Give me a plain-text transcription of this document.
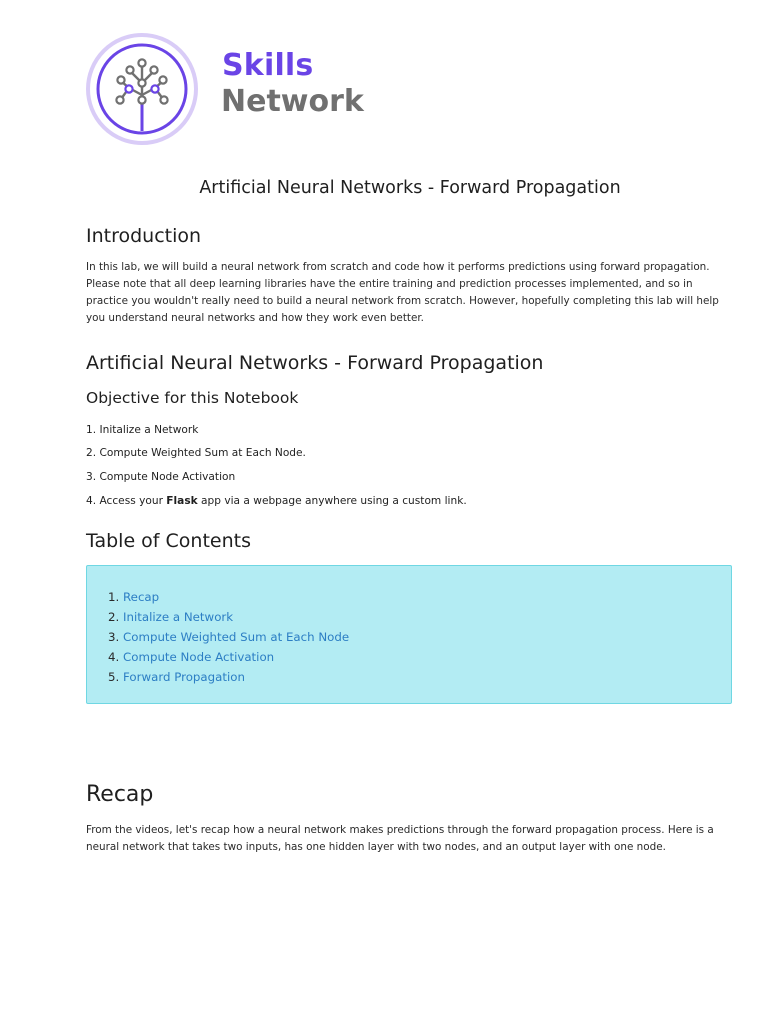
Skills
Network
Artificial Neural Networks - Forward Propagation
Introduction

In this lab, we will build a neural network from scratch and code how it performs predictions using forward propagation. Please note that all deep learning libraries have the entire training and prediction processes implemented, and so in practice you wouldn't really need to build a neural network from scratch. However, hopefully completing this lab will help you understand neural networks and how they work even better.

Artificial Neural Networks - Forward Propagation
Objective for this Notebook
1. Initalize a Network
2. Compute Weighted Sum at Each Node.
3. Compute Node Activation
4. Access your Flask app via a webpage anywhere using a custom link.
Table of Contents
1. Recap
2. Initalize a Network
3. Compute Weighted Sum at Each Node
4. Compute Node Activation
5. Forward Propagation
Recap

From the videos, let's recap how a neural network makes predictions through the forward propagation process. Here is a neural network that takes two inputs, has one hidden layer with two nodes, and an output layer with one node.
